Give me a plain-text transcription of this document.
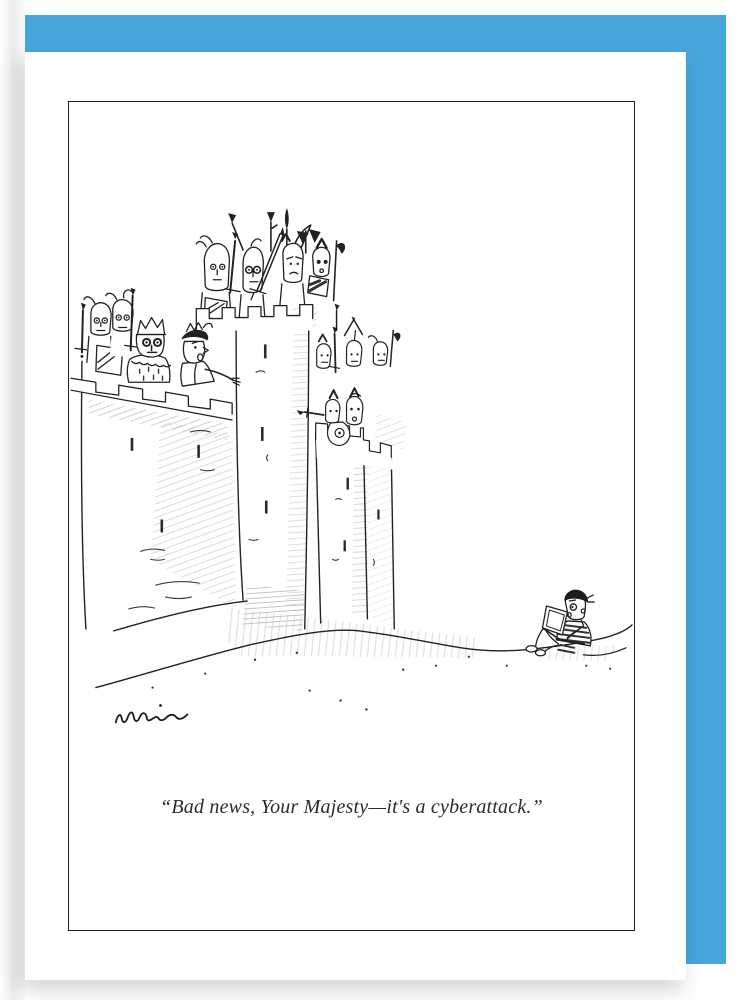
“Bad news, Your Majesty—it's a cyberattack.”
